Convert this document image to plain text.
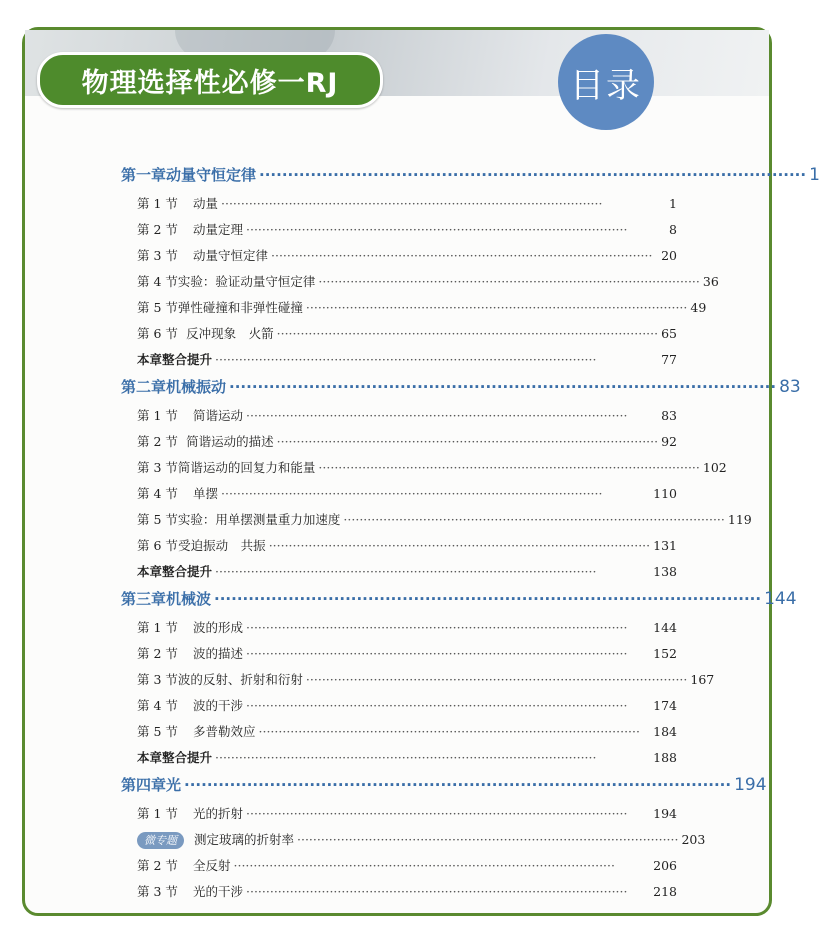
物理选择性必修一RJ	目录
第一章 动量守恒定律 ································································································ 1
第 1 节	动量 ································································································	1
第 2 节	动量定理 ································································································	8
第 3 节	动量守恒定律 ································································································ 20
第 4 节 实验：验证动量守恒定律 ································································································ 36
第 5 节 弹性碰撞和非弹性碰撞 ································································································ 49
第 6 节 反冲现象　火箭 ································································································ 65
本章整合提升 ································································································	77
第二章 机械振动 ································································································ 83
第 1 节	简谐运动 ································································································	83
第 2 节 简谐运动的描述 ································································································ 92
第 3 节 简谐运动的回复力和能量 ································································································ 102
第 4 节	单摆 ································································································	110
第 5 节 实验：用单摆测量重力加速度 ································································································ 119
第 6 节 受迫振动　共振 ································································································ 131
本章整合提升 ································································································	138
第三章 机械波 ································································································ 144
第 1 节	波的形成 ································································································	144
第 2 节	波的描述 ································································································	152
第 3 节 波的反射、折射和衍射 ································································································ 167
第 4 节	波的干涉 ································································································	174
第 5 节	多普勒效应 ································································································	184
本章整合提升 ································································································	188
第四章 光 ································································································ 194
第 1 节	光的折射 ································································································	194
微专题	测定玻璃的折射率 ································································································ 203
第 2 节	全反射 ································································································	206
第 3 节	光的干涉 ································································································	218
